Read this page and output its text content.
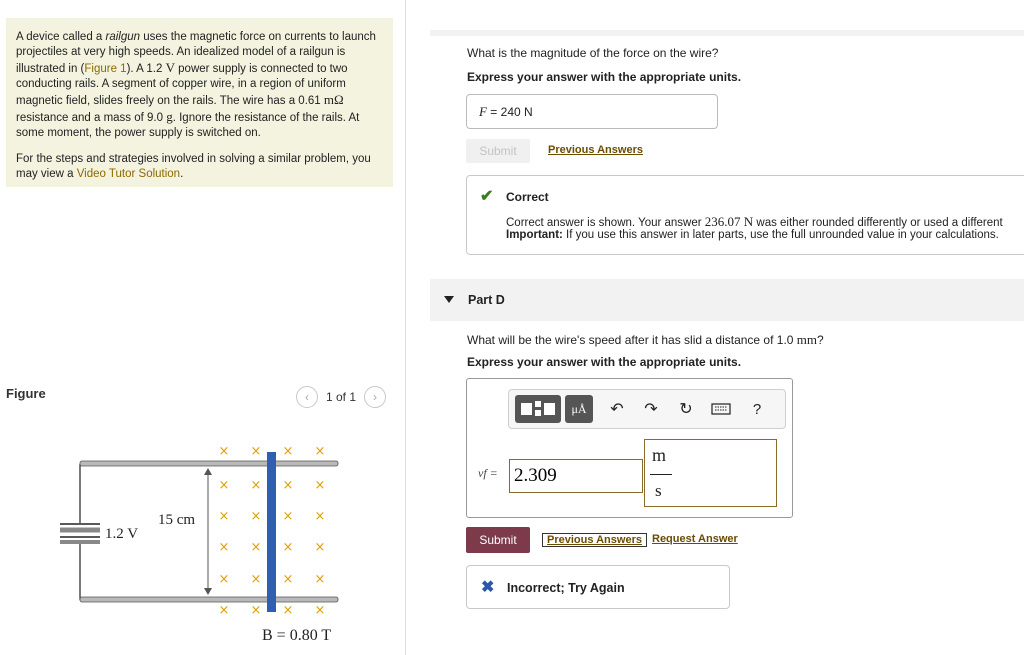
A device called a railgun uses the magnetic force on currents to launch projectiles at very high speeds. An idealized model of a railgun is illustrated in (Figure 1). A 1.2 V power supply is connected to two conducting rails. A segment of copper wire, in a region of uniform magnetic field, slides freely on the rails. The wire has a 0.61 mΩ resistance and a mass of 9.0 g. Ignore the resistance of the rails. At some moment, the power supply is switched on.

For the steps and strategies involved in solving a similar problem, you may view a Video Tutor Solution.

Figure	‹	1 of 1	›
× × × ×
× × × ×
× × × ×
× × × ×
× × × ×
× × × ×
1.2 V
15 cm
B = 0.80 T
What is the magnitude of the force on the wire?
Express your answer with the appropriate units.
F = 240 N
Submit	Previous Answers
✔ Correct
Correct answer is shown. Your answer 236.07 N was either rounded differently or used a different
Important: If you use this answer in later parts, use the full unrounded value in your calculations.
Part D
What will be the wire's speed after it has slid a distance of 1.0 mm?
Express your answer with the appropriate units.
μÅ	↶ ↷ ↻	?
vf =
2.309
m
s
Submit	Previous Answers Request Answer
✖ Incorrect; Try Again
